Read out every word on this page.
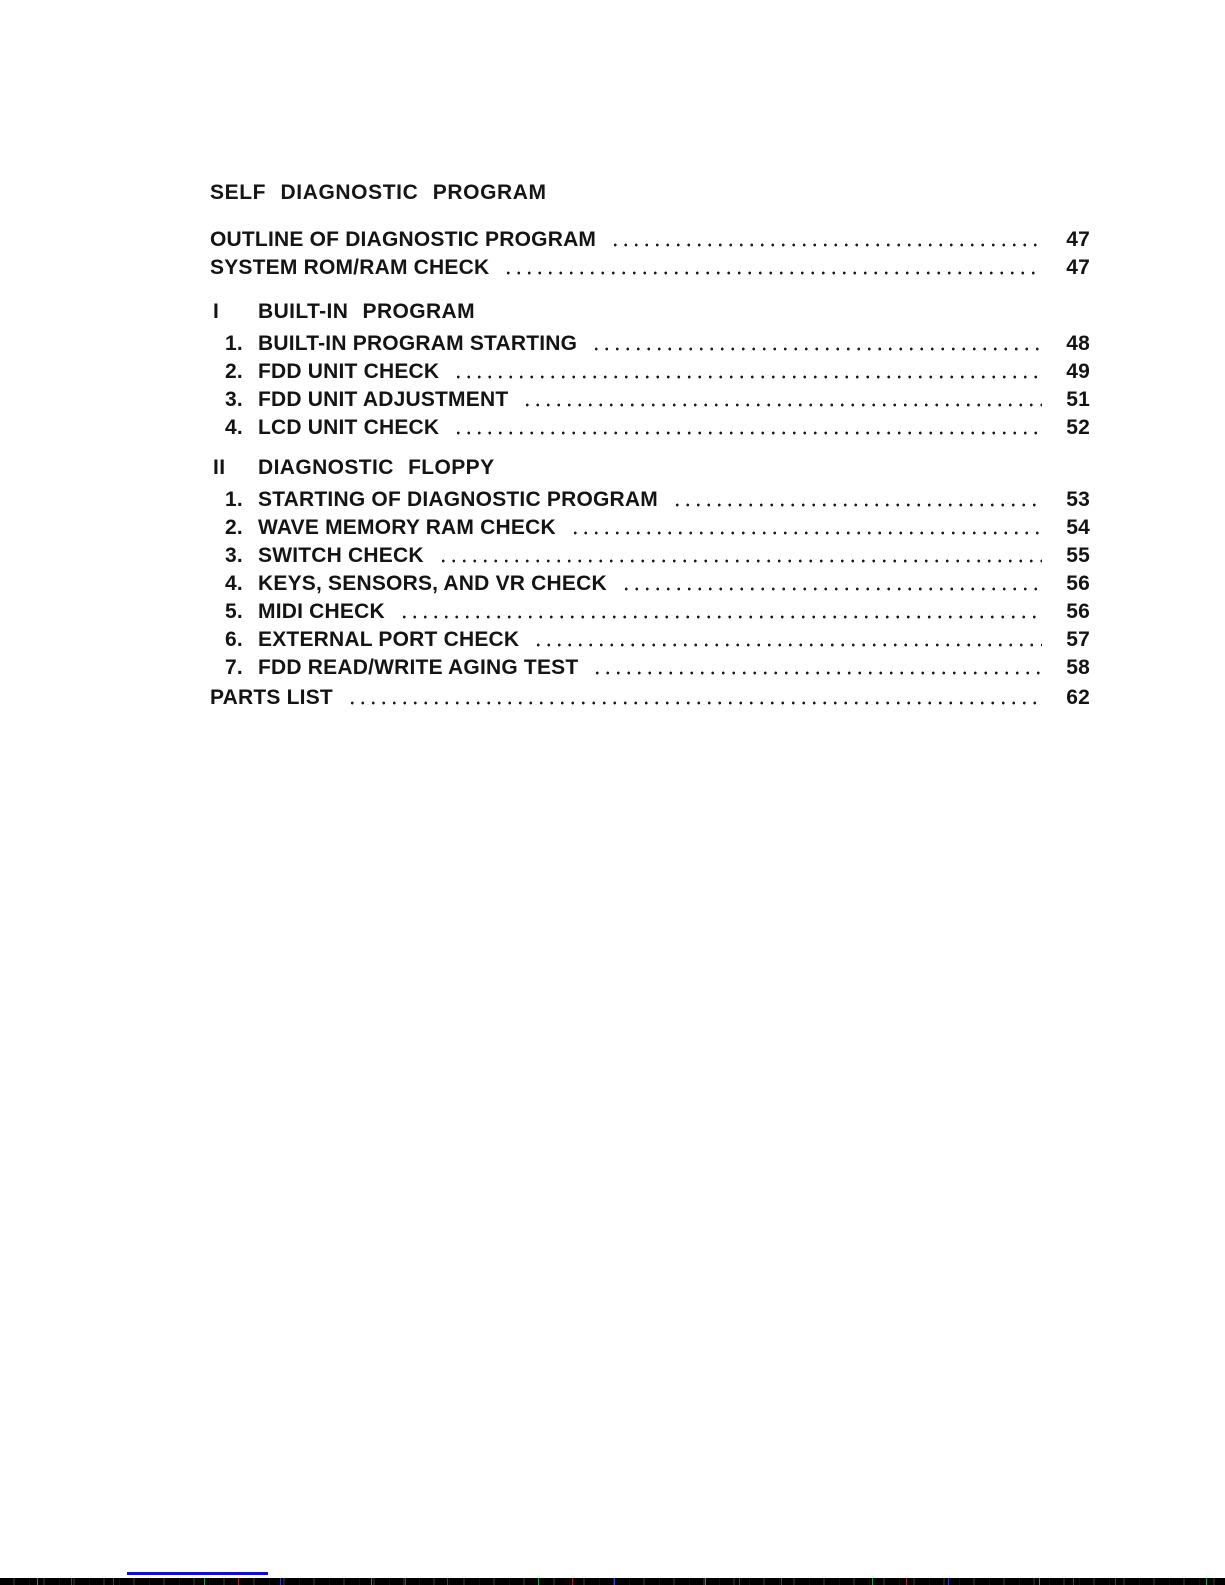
SELF DIAGNOSTIC PROGRAM
OUTLINE OF DIAGNOSTIC PROGRAM	47
SYSTEM ROM/RAM CHECK	47
I	BUILT-IN PROGRAM
1. BUILT-IN PROGRAM STARTING	48
2. FDD UNIT CHECK	49
3. FDD UNIT ADJUSTMENT	51
4. LCD UNIT CHECK	52
II	DIAGNOSTIC FLOPPY
1. STARTING OF DIAGNOSTIC PROGRAM	53
2. WAVE MEMORY RAM CHECK	54
3. SWITCH CHECK	55
4. KEYS, SENSORS, AND VR CHECK	56
5. MIDI CHECK	56
6. EXTERNAL PORT CHECK	57
7. FDD READ/WRITE AGING TEST	58
PARTS LIST	62
